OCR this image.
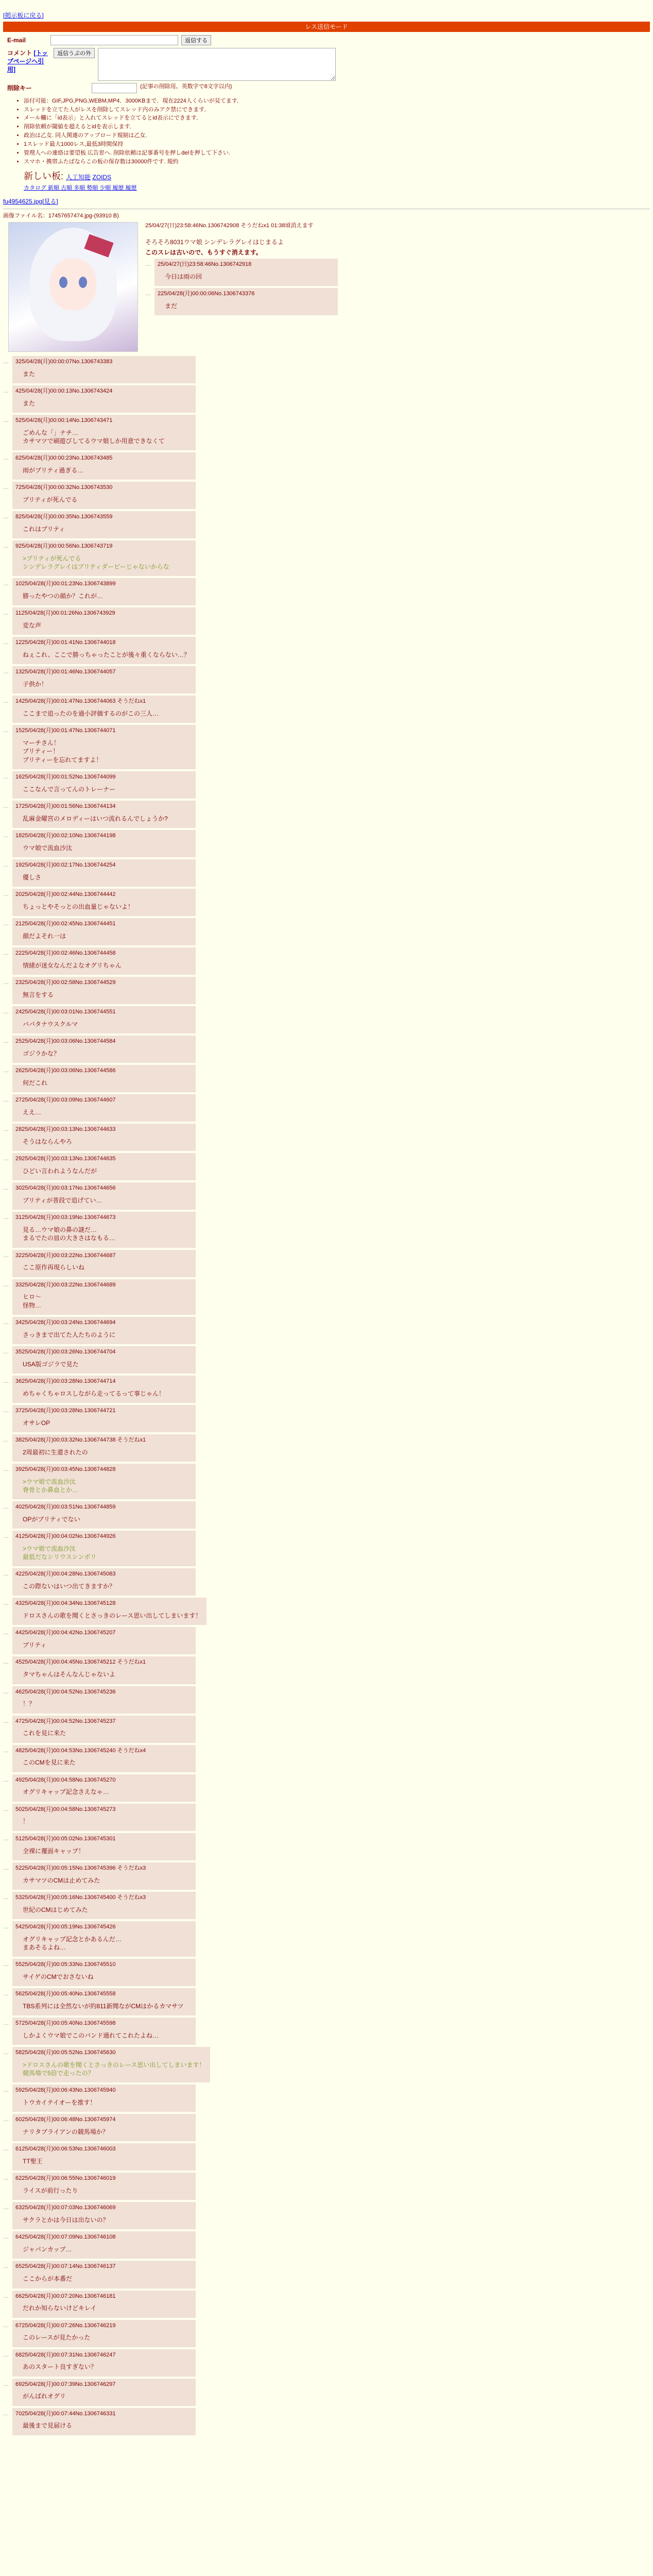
[掲示板に戻る]
レス送信モード
E-mail	返信する
コメント [トップページへ引用]
返信うぷの外
削除キー	(記事の削除用。英数字で8文字以内)
• 添付可能：GIF,JPG,PNG,WEBM,MP4．3000KBまで．現在2224人くらいが見てます．
• スレッドを立てた人がレスを削除してスレッド内のみアク禁にできます．
• メール欄に「id表示」と入れてスレッドを立てるとid表示にできます．
• 削除依頼が閾値を超えるとidを表示します．
• 政治は乙女. 同人関連のアップロード規制は乙女.
• 1スレッド最大1000レス,最低3時間保持
• 管理人への連絡は要望板 広告窓へ. 削除依頼は記事番号を押しdelを押して下さい.
• スマホ・携帯ふたばならこの板の保存数は30000件です. 規約
新しい板: 人工知能 ZOIDS
カタログ 新順 古順 多順 勢順 少順 履歴 履歴
fu4954625.jpg[見る]
画像ファイル名：17457657474.jpg-(93910 B)
25/04/27(日)23:58:46No.1306742908 そうだねx1 01:38頃消えます
そろそろ8031ウマ娘 シンデレラグレイはじまるよ
このスレは古いので、もうすぐ消えます。
…	25/04/27(日)23:58:46No.1306742918
今日は雨の回
…	225/04/28(月)00:00:06No.1306743376
まだ
…	325/04/28(月)00:00:07No.1306743383
また
…	425/04/28(月)00:00:13No.1306743424
また
…	525/04/28(月)00:00:14No.1306743471
ごめんな「」ナチ…
カサマツで刷遊びしてるウマ娘しか用意できなくて
…	625/04/28(月)00:00:23No.1306743485
雨がブリティ過ぎる…
…	725/04/28(月)00:00:32No.1306743530
ブリティが死んでる
…	825/04/28(月)00:00:35No.1306743559
これはブリティ
…	925/04/28(月)00:00:56No.1306743719
>ブリティが死んでる
シンデレラグレイはブリティダービーじゃないからな
…	1025/04/28(月)00:01:23No.1306743899
勝ったやつの顔か？これが…
…	1125/04/28(月)00:01:26No.1306743929
変な声
…	1225/04/28(月)00:01:41No.1306744018
ねぇこれ、ここで勝っちゃったことが後々重くならない…？
…	1325/04/28(月)00:01:46No.1306744057
子供か！
…	1425/04/28(月)00:01:47No.1306744063 そうだねx1
ここまで追ったのを過小評価するのがこの三人…
…	1525/04/28(月)00:01:47No.1306744071
マーチさん！
ブリティー！
ブリティーを忘れてますよ！
…	1625/04/28(月)00:01:52No.1306744099
ここなんで言ってんのトレーナー
…	1725/04/28(月)00:01:56No.1306744134
乱麻金曜宮のメロディーはいつ流れるんでしょうか?
…	1825/04/28(月)00:02:10No.1306744198
ウマ娘で流血沙汰
…	1925/04/28(月)00:02:17No.1306744254
優しさ
…	2025/04/28(月)00:02:44No.1306744442
ちょっとやそっとの出血量じゃないよ！
…	2125/04/28(月)00:02:45No.1306744451
顔だよそれ一は
…	2225/04/28(月)00:02:46No.1306744458
情緒が迷女なんだよなオグリちゃん
…	2325/04/28(月)00:02:58No.1306744529
無言をする
…	2425/04/28(月)00:03:01No.1306744551
バパタナウスクルマ
…	2525/04/28(月)00:03:06No.1306744584
ゴジラかな？
…	2625/04/28(月)00:03:06No.1306744586
何だこれ
…	2725/04/28(月)00:03:09No.1306744607
ええ…
…	2825/04/28(月)00:03:13No.1306744633
そうはならんやろ
…	2925/04/28(月)00:03:13No.1306744635
ひどい言われようなんだが
…	3025/04/28(月)00:03:17No.1306744656
ブリティが普段で追げてい…
…	3125/04/28(月)00:03:19No.1306744673
見る…ウマ娘の鼻の謎だ…
まるでたの皿の大きさはなもる…
…	3225/04/28(月)00:03:22No.1306744687
ここ原作再現らしいね
…	3325/04/28(月)00:03:22No.1306744689
ヒロ〜
怪物…
…	3425/04/28(月)00:03:24No.1306744694
さっきまで出てた人たちのように
…	3525/04/28(月)00:03:26No.1306744704
USA版ゴジラで見た
…	3625/04/28(月)00:03:28No.1306744714
めちゃくちゃロスしながら走ってるって事じゃん！
…	3725/04/28(月)00:03:28No.1306744721
オサレOP
…	3825/04/28(月)00:03:32No.1306744738 そうだねx1
2周最初に生還されたの
…	3925/04/28(月)00:03:45No.1306744828
>ウマ娘で流血沙汰
脊骨とか鼻血とか…
…	4025/04/28(月)00:03:51No.1306744859
OPがブリティでない
…	4125/04/28(月)00:04:02No.1306744926
>ウマ娘で流血沙汰
最低だなシリウスシンボリ
…	4225/04/28(月)00:04:28No.1306745083
この際ないはいつ出てきますか？
…	4325/04/28(月)00:04:34No.1306745128
ドロスさんの歌を聞くとさっきのレース思い出してしまいます！
…	4425/04/28(月)00:04:42No.1306745207
ブリティ
…	4525/04/28(月)00:04:45No.1306745212 そうだねx1
タマちゃんはそんなんじゃないよ
…	4625/04/28(月)00:04:52No.1306745236
！？
…	4725/04/28(月)00:04:52No.1306745237
これを見に来た
…	4825/04/28(月)00:04:53No.1306745240 そうだねx4
このCMを見に来た
…	4925/04/28(月)00:04:58No.1306745270
オグリキャップ記念さえなゃ…
…	5025/04/28(月)00:04:58No.1306745273
！
…	5125/04/28(月)00:05:02No.1306745301
全裸に覆面キャップ！
…	5225/04/28(月)00:05:15No.1306745396 そうだねx3
カサマツのCMは止めてみた
…	5325/04/28(月)00:05:16No.1306745400 そうだねx3
世紀のCMはじめてみた
…	5425/04/28(月)00:05:19No.1306745426
オグリキャップ記念とかあるんだ…
まあそるよね…
…	5525/04/28(月)00:05:33No.1306745510
サイゲのCMでおさないね
…	5625/04/28(月)00:05:40No.1306745558
TBS系列には全然ないが約811新聞ながCMはかるカマサツ
…	5725/04/28(月)00:05:40No.1306745598
しかよくウマ娘でこのバンド通れてこれたよね…
…	5825/04/28(月)00:05:52No.1306745630
>ドロスさんの歌を聞くとさっきのレース思い出してしまいます！
競馬場で5倍で走ったの？
…	5925/04/28(月)00:06:43No.1306745940
トウカイテイオーを推す！
…	6025/04/28(月)00:06:48No.1306745974
ナリタブライアンの競馬場か？
…	6125/04/28(月)00:06:53No.1306746003
TT聖王
…	6225/04/28(月)00:06:55No.1306746019
ライスが前行ったり
…	6325/04/28(月)00:07:03No.1306746069
サクラとかは今日は出ないの？
…	6425/04/28(月)00:07:09No.1306746108
ジャパンカップ…
…	6525/04/28(月)00:07:14No.1306746137
ここからが本番だ
…	6625/04/28(月)00:07:20No.1306746181
だれか知らないけどキレイ
…	6725/04/28(月)00:07:26No.1306746219
このレースが見たかった
…	6825/04/28(月)00:07:31No.1306746247
あのスタート良すぎない？
…	6925/04/28(月)00:07:39No.1306746297
がんばれオグリ
…	7025/04/28(月)00:07:44No.1306746331
最後まで見届ける
